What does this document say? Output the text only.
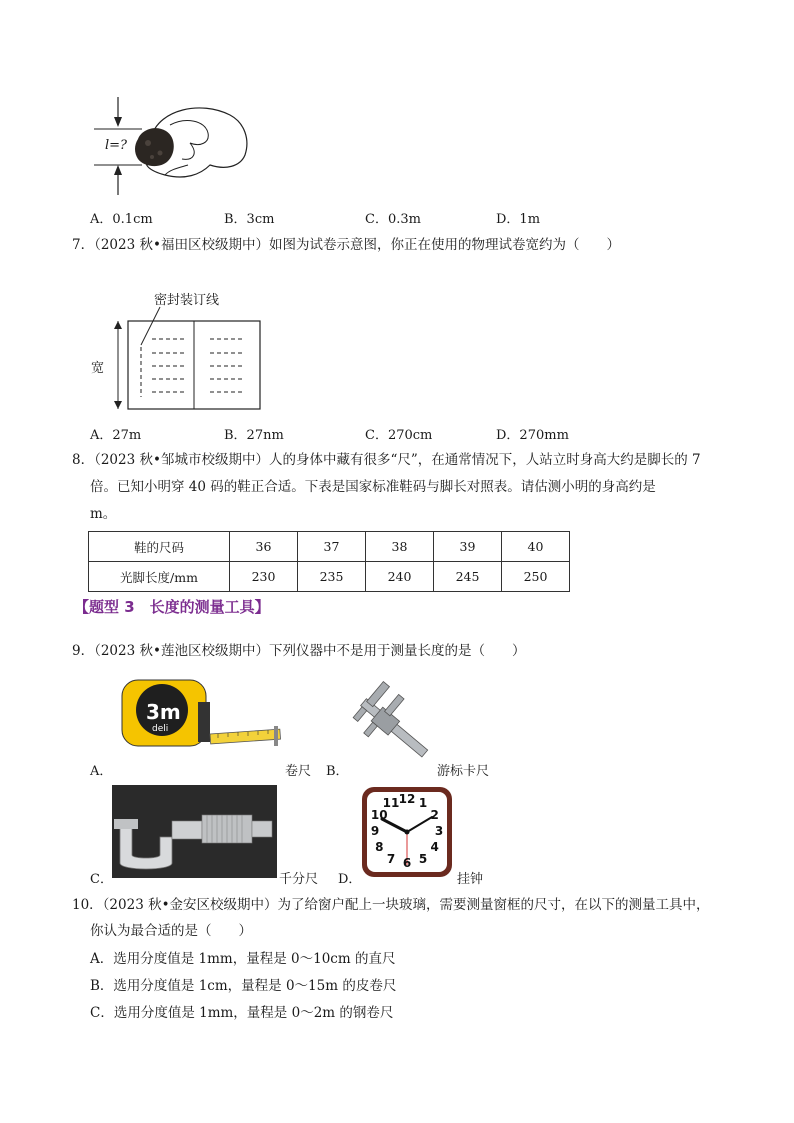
l=?
A．0.1cm	B．3cm	C．0.3m	D．1m
7．（2023 秋•福田区校级期中）如图为试卷示意图，你正在使用的物理试卷宽约为（　　）
密封装订线
宽
A．27m	B．27nm	C．270cm	D．270mm
8．（2023 秋•邹城市校级期中）人的身体中藏有很多“尺”，在通常情况下，人站立时身高大约是脚长的 7
倍。已知小明穿 40 码的鞋正合适。下表是国家标准鞋码与脚长对照表。请估测小明的身高约是
m。
鞋的尺码	36	37	38	39	40
光脚长度/mm	230	235	240	245	250
【题型 3　长度的测量工具】
9．（2023 秋•莲池区校级期中）下列仪器中不是用于测量长度的是（　　）
3m
deli
A．	卷尺 B．	游标卡尺
C．	千分尺 D．
12 1
2
3
4
5
6
7
8
9
10
11
挂钟
10．（2023 秋•金安区校级期中）为了给窗户配上一块玻璃，需要测量窗框的尺寸，在以下的测量工具中，
你认为最合适的是（　　）
A．选用分度值是 1mm，量程是 0～10cm 的直尺
B．选用分度值是 1cm，量程是 0～15m 的皮卷尺
C．选用分度值是 1mm，量程是 0～2m 的钢卷尺
